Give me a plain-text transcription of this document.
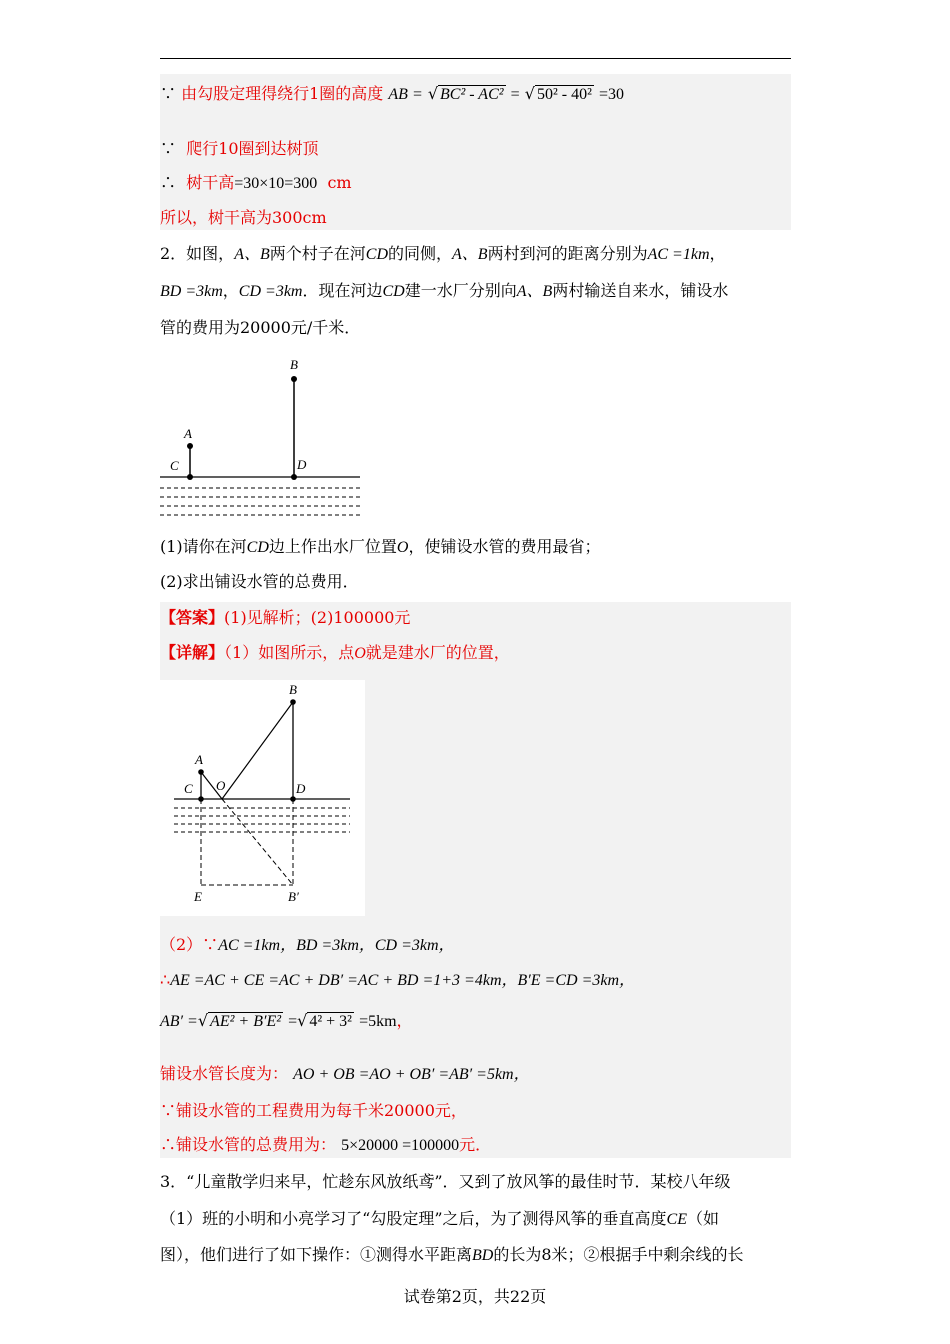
∵ 由勾股定理得绕行1圈的高度 AB = √ BC² - AC² = √ 50² - 40² =30
∵ 爬行10圈到达树顶
∴ 树干高=30×10=300 cm
所以，树干高为300cm
2．如图，A、B两个村子在河CD的同侧，A、B两村到河的距离分别为AC =1km，
BD =3km，CD =3km．现在河边CD建一水厂分别向A、B两村输送自来水，铺设水
管的费用为20000元/千米．
B
A
C	D
(1)请你在河CD边上作出水厂位置O，使铺设水管的费用最省；
(2)求出铺设水管的总费用．
【答案】(1)见解析；(2)100000元
【详解】（1）如图所示，点O就是建水厂的位置，
B
A
C O	D
E	B′
（2）∵AC =1km，BD =3km，CD =3km，
∴AE =AC + CE =AC + DB′ =AC + BD =1+3 =4km，B′E =CD =3km，
AB′ =√ AE² + B′E² =√ 4² + 3² =5km，
铺设水管长度为： AO + OB =AO + OB′ =AB′ =5km，
∵铺设水管的工程费用为每千米20000元，
∴铺设水管的总费用为： 5×20000 =100000元．
3．“儿童散学归来早，忙趁东风放纸鸢”．又到了放风筝的最佳时节．某校八年级
（1）班的小明和小亮学习了“勾股定理”之后，为了测得风筝的垂直高度CE（如
图），他们进行了如下操作：①测得水平距离BD的长为8米；②根据手中剩余线的长
试卷第2页，共22页
